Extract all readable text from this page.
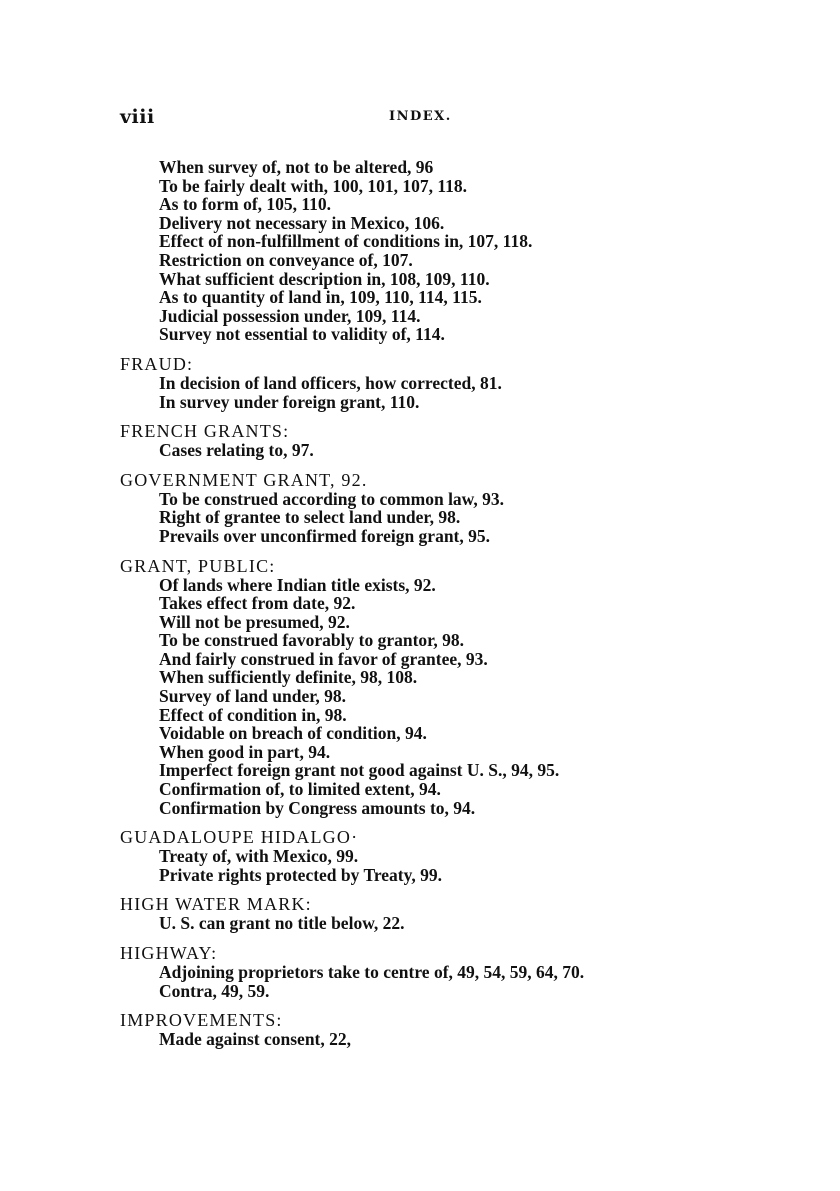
viii	INDEX.
When survey of, not to be altered, 96
To be fairly dealt with, 100, 101, 107, 118.
As to form of, 105, 110.
Delivery not necessary in Mexico, 106.
Effect of non-fulfillment of conditions in, 107, 118.
Restriction on conveyance of, 107.
What sufficient description in, 108, 109, 110.
As to quantity of land in, 109, 110, 114, 115.
Judicial possession under, 109, 114.
Survey not essential to validity of, 114.
FRAUD:
In decision of land officers, how corrected, 81.
In survey under foreign grant, 110.
FRENCH GRANTS:
Cases relating to, 97.
GOVERNMENT GRANT, 92.
To be construed according to common law, 93.
Right of grantee to select land under, 98.
Prevails over unconfirmed foreign grant, 95.
GRANT, PUBLIC:
Of lands where Indian title exists, 92.
Takes effect from date, 92.
Will not be presumed, 92.
To be construed favorably to grantor, 98.
And fairly construed in favor of grantee, 93.
When sufficiently definite, 98, 108.
Survey of land under, 98.
Effect of condition in, 98.
Voidable on breach of condition, 94.
When good in part, 94.
Imperfect foreign grant not good against U. S., 94, 95.
Confirmation of, to limited extent, 94.
Confirmation by Congress amounts to, 94.
GUADALOUPE HIDALGO·
Treaty of, with Mexico, 99.
Private rights protected by Treaty, 99.
HIGH WATER MARK:
U. S. can grant no title below, 22.
HIGHWAY:
Adjoining proprietors take to centre of, 49, 54, 59, 64, 70.
Contra, 49, 59.
IMPROVEMENTS:
Made against consent, 22,
